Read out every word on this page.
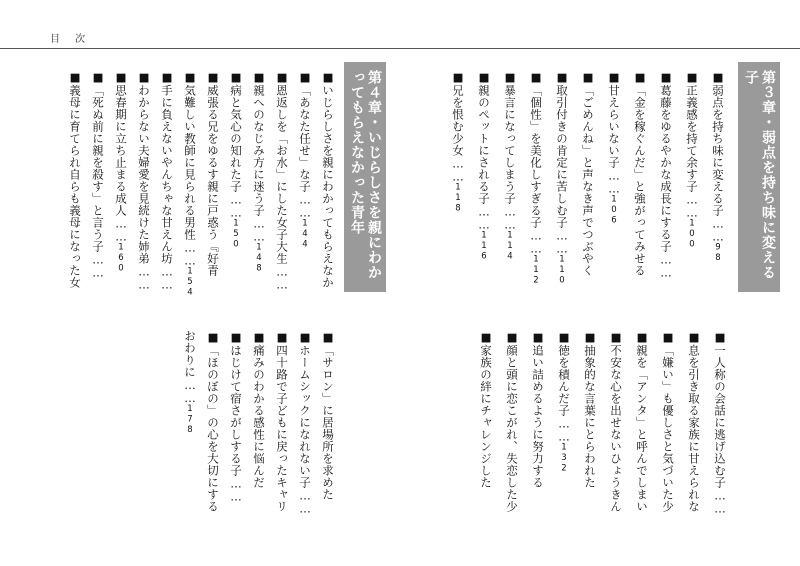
目 次
第３章・弱点を持ち味に変える子
■弱点を持ち味に変える子……98
■正義感を持て余す子……100
■葛藤をゆるやかな成長にする子……
■「金を稼ぐんだ」と強がってみせる
■甘えらいない子……106
■「ごめんね」と声なき声でつぶやく
■取引付きの肯定に苦しむ子……110
■「個性」を美化しすぎる子……112
■暴言になってしまう子……114
■親のペットにされる子……116
■兄を恨む少女……118
■一人称の会話に逃げ込む子……
■息を引き取る家族に甘えられな
■「嫌い」も優しさと気づいた少
■親を「アンタ」と呼んでしまい
■不安な心を出せないひょうきん
■抽象的な言葉にとらわれた
■徳を積んだ子……132
■追い詰めるように努力する
■顔と頭に恋こがれ、失恋した少
■家族の絆にチャレンジした
第４章・いじらしさを親にわかってもらえなかった青年
■いじらしさを親にわかってもらえなか
■「あなた任せ」な子……144
■恩返しを「お水」にした女子大生……
■親へのなじみ方に迷う子……148
■病と気心の知れた子……150
■威張る兄をゆるす親に戸惑う『好青
■気難しい教師に見られる男性……154
■手に負えないやんちゃな甘えん坊……
■わからない夫婦愛を見続けた姉弟……
■思春期に立ち止まる成人……160
■「死ぬ前に親を殺す」と言う子……
■義母に育てられ自らも義母になった女
■「サロン」に居場所を求めた
■ホームシックになれない子……
■四十路で子どもに戻ったキャリ
■痛みのわかる感性に悩んだ
■はじけて宿さがしする子……
■「ほのぼの」の心を大切にする
おわりに……178
